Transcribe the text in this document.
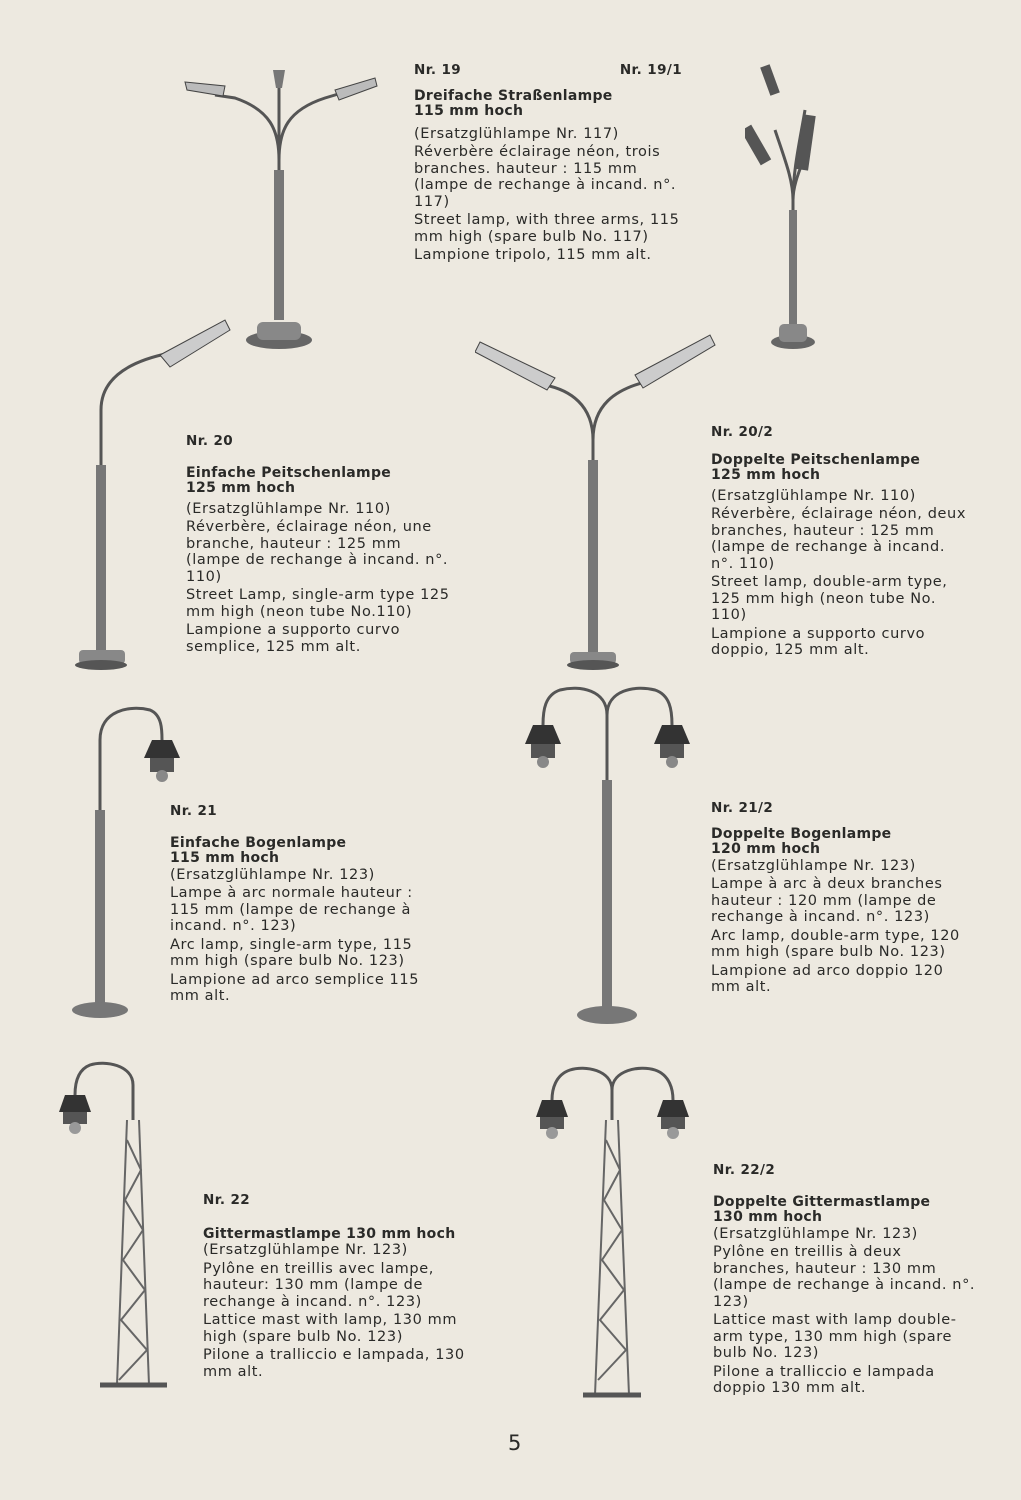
Nr. 19	Nr. 19/1
Dreifache Straßenlampe
115 mm hoch

(Ersatzglühlampe Nr. 117)

Réverbère éclairage néon, trois branches. hauteur : 115 mm (lampe de rechange à incand. n°. 117)

Street lamp, with three arms, 115 mm high (spare bulb No. 117)

Lampione tripolo, 115 mm alt.

Nr. 20
Einfache Peitschenlampe
125 mm hoch

(Ersatzglühlampe Nr. 110)

Réverbère, éclairage néon, une branche, hauteur : 125 mm (lampe de rechange à incand. n°. 110)

Street Lamp, single-arm type 125 mm high (neon tube No.110)

Lampione a supporto curvo semplice, 125 mm alt.

Nr. 20/2
Doppelte Peitschenlampe
125 mm hoch

(Ersatzglühlampe Nr. 110)

Réverbère, éclairage néon, deux branches, hauteur : 125 mm (lampe de rechange à incand. n°. 110)

Street lamp, double-arm type, 125 mm high (neon tube No. 110)

Lampione a supporto curvo doppio, 125 mm alt.

Nr. 21
Einfache Bogenlampe
115 mm hoch

(Ersatzglühlampe Nr. 123)

Lampe à arc normale hauteur : 115 mm (lampe de rechange à incand. n°. 123)

Arc lamp, single-arm type, 115 mm high (spare bulb No. 123)

Lampione ad arco semplice 115 mm alt.

Nr. 21/2
Doppelte Bogenlampe
120 mm hoch

(Ersatzglühlampe Nr. 123)

Lampe à arc à deux branches hauteur : 120 mm (lampe de rechange à incand. n°. 123)

Arc lamp, double-arm type, 120 mm high (spare bulb No. 123)

Lampione ad arco doppio 120 mm alt.

Nr. 22
Gittermastlampe 130 mm hoch

(Ersatzglühlampe Nr. 123)

Pylône en treillis avec lampe, hauteur: 130 mm (lampe de rechange à incand. n°. 123)

Lattice mast with lamp, 130 mm high (spare bulb No. 123)

Pilone a tralliccio e lampada, 130 mm alt.

Nr. 22/2
Doppelte Gittermastlampe
130 mm hoch

(Ersatzglühlampe Nr. 123)

Pylône en treillis à deux branches, hauteur : 130 mm (lampe de rechange à incand. n°. 123)

Lattice mast with lamp double-arm type, 130 mm high (spare bulb No. 123)

Pilone a tralliccio e lampada doppio 130 mm alt.

5
